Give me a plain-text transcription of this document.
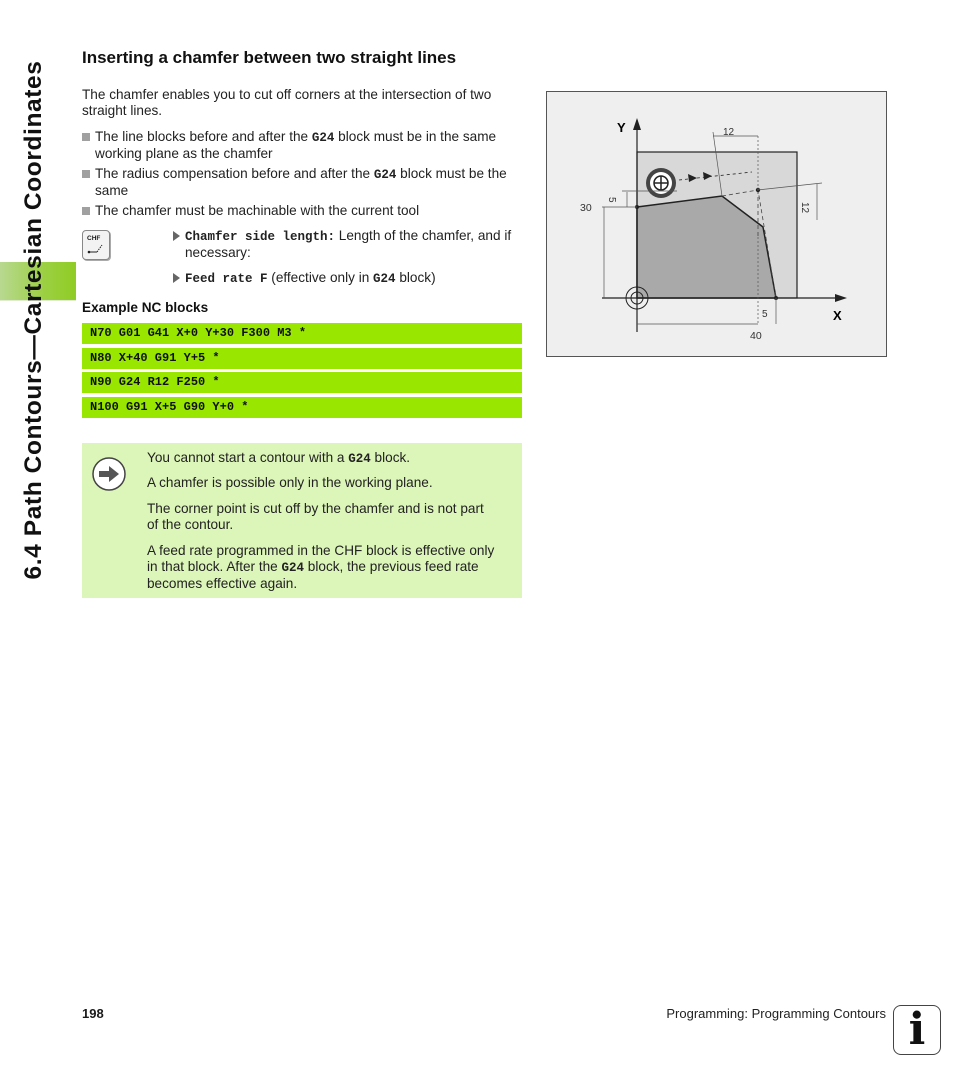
6.4 Path Contours—Cartesian Coordinates
Inserting a chamfer between two straight lines
The chamfer enables you to cut off corners at the intersection of two
straight lines.
The line blocks before and after the G24 block must be in the same
working plane as the chamfer
The radius compensation before and after the G24 block must be the
same
The chamfer must be machinable with the current tool
CHF	Chamfer side length: Length of the chamfer, and if
necessary:
Feed rate F (effective only in G24 block)
Example NC blocks
N70 G01 G41 X+0 Y+30 F300 M3 *
N80 X+40 G91 Y+5 *
N90 G24 R12 F250 *
N100 G91 X+5 G90 Y+0 *
You cannot start a contour with a G24 block.
A chamfer is possible only in the working plane.
The corner point is cut off by the chamfer and is not part
of the contour.
A feed rate programmed in the CHF block is effective only
in that block. After the G24 block, the previous feed rate
becomes effective again.
Y
X
12
12
5
30
5
40
198	Programming: Programming Contours i
